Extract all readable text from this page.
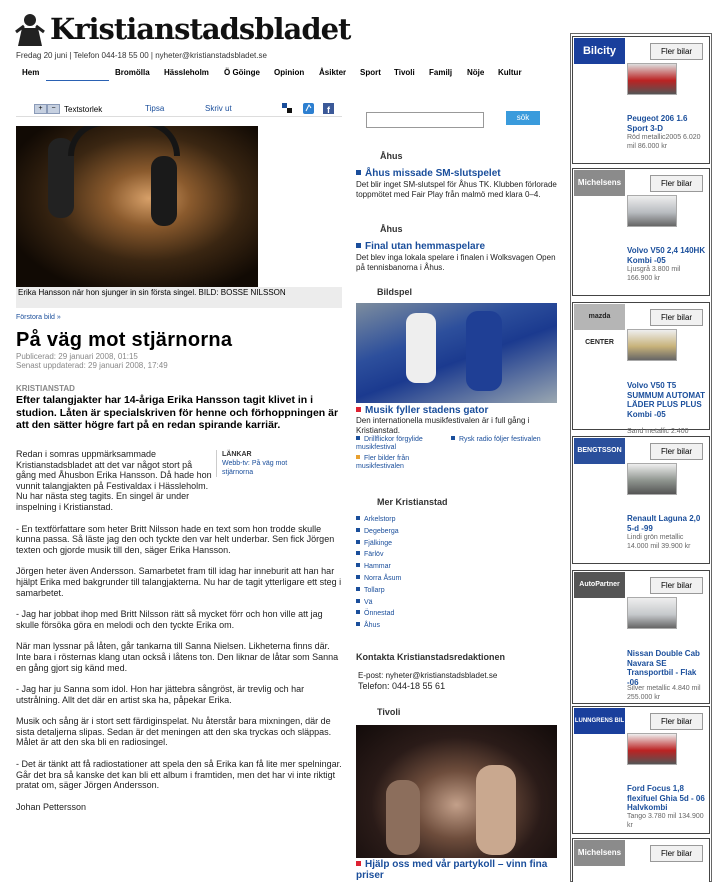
Kristianstadsbladet
Fredag 20 juni | Telefon 044-18 55 00 | nyheter@kristianstadsbladet.se
Hem	Bromölla Hässleholm Ö Göinge Opinion Åsikter Sport Tivoli Familj Nöje Kultur
+	−	Textstorlek	Tipsa	Skriv ut	f
Erika Hansson när hon sjunger in sin första singel. BILD: BOSSE NILSSON
Förstora bild »
På väg mot stjärnorna
Publicerad: 29 januari 2008, 01:15
Senast uppdaterad: 29 januari 2008, 17:49
KRISTIANSTAD
Efter talangjakter har 14-åriga Erika Hansson tagit klivet in i studion. Låten är specialskriven för henne och förhoppningen är att den sätter högre fart på en redan spirande karriär.

Redan i somras uppmärksammade Kristianstadsbladet att det var något stort på gång med Åhusbon Erika Hansson. Då hade hon vunnit talangjakten på Festivaldax i Hässleholm. Nu har nästa steg tagits. En singel är under inspelning i Kristianstad.

- En textförfattare som heter Britt Nilsson hade en text som hon trodde skulle kunna passa. Så läste jag den och tyckte den var helt underbar. Sen fick Jörgen texten och gjorde musik till den, säger Erika Hansson.

Jörgen heter även Andersson. Samarbetet fram till idag har inneburit att han har hjälpt Erika med bakgrunder till talangjakterna. Nu har de tagit ytterligare ett steg i samarbetet.

- Jag har jobbat ihop med Britt Nilsson rätt så mycket förr och hon ville att jag skulle försöka göra en melodi och den tyckte Erika om.

När man lyssnar på låten, går tankarna till Sanna Nielsen. Likheterna finns där. Inte bara i rösternas klang utan också i låtens ton. Den liknar de låtar som Sanna en gång gjort sig känd med.

- Jag har ju Sanna som idol. Hon har jättebra sångröst, är trevlig och har utstrålning. Allt det där en artist ska ha, påpekar Erika.

Musik och sång är i stort sett färdiginspelat. Nu återstår bara mixningen, där de sista detaljerna slipas. Sedan är det meningen att den ska tryckas och släppas. Målet är att den ska bli en radiosingel.

- Det är tänkt att få radiostationer att spela den så Erika kan få lite mer spelningar. Går det bra så kanske det kan bli ett album i framtiden, men det har vi inte riktigt pratat om, säger Jörgen Andersson.

Johan Pettersson

LÄNKAR
Webb-tv: På väg mot stjärnorna
sök
Åhus
Åhus missade SM-slutspelet
Det blir inget SM-slutspel för Åhus TK. Klubben förlorade toppmötet med Fair Play från malmö med klara 0–4.
Åhus
Final utan hemmaspelare
Det blev inga lokala spelare i finalen i Wolksvagen Open på tennisbanorna i Åhus.
Bildspel
Musik fyller stadens gator
Den internationella musikfestivalen är i full gång i Kristianstad.
Drillflickor förgylide musikfestival
Rysk radio följer festivalen
Fler bilder från musikfestivalen
Mer Kristianstad
Arkelstorp
Degeberga
Fjälkinge
Färlöv
Hammar
Norra Åsum
Tollarp
Vä
Önnestad
Åhus
Kontakta Kristianstadsredaktionen
E-post: nyheter@kristianstadsbladet.se
Telefon: 044-18 55 61
Tivoli
Hjälp oss med vår partykoll – vinn fina priser
Bilcity	Fler bilar
Peugeot 206 1.6 Sport 3-D
Röd metallic2005 6.020 mil 86.000 kr
Michelsens	Fler bilar
Volvo V50 2,4 140HK Kombi -05
Ljusgrå 3.800 mil 166.900 kr
mazda CENTER
Fler bilar
Volvo V50 T5 SUMMUM AUTOMAT LÄDER PLUS PLUS Kombi -05
Sand metallic 2.400
BENGTSSON	Fler bilar
Renault Laguna 2,0 5-d -99
Lindi grön metallic 14.000 mil 39.900 kr
AutoPartner	Fler bilar
Nissan Double Cab Navara SE Transportbil - Flak -06
Silver metallic 4.840 mil 255.000 kr
LUNNGRENS BIL	Fler bilar
Ford Focus 1,8 flexifuel Ghia 5d - 06 Halvkombi
Tango 3.780 mil 134.900 kr
Michelsens	Fler bilar
